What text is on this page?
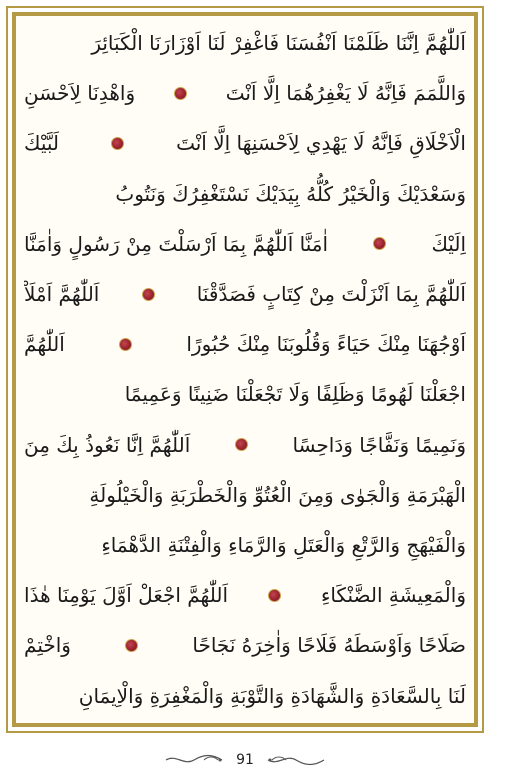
اَللّٰهُمَّ اِنَّنَا ظَلَمْنَا اَنْفُسَنَا فَاغْفِرْ لَنَا اَوْزَارَنَا الْكَبَائِرَ
وَاللَّمَمَ فَاِنَّهُ لَا يَغْفِرُهُمَا اِلَّا اَنْتَ
وَاهْدِنَا لِاَحْسَنِ
الْاَخْلَاقِ فَاِنَّهُ لَا يَهْدِي لِاَحْسَنِهَا اِلَّا اَنْتَ
لَبَّيْكَ
وَسَعْدَيْكَ وَالْخَيْرُ كُلُّهُ بِيَدَيْكَ نَسْتَغْفِرُكَ وَنَتُوبُ
اِلَيْكَ
اٰمَنَّا اَللّٰهُمَّ بِمَا اَرْسَلْتَ مِنْ رَسُولٍ وَاٰمَنَّا
اَللّٰهُمَّ بِمَا اَنْزَلْتَ مِنْ كِتَابٍ فَصَدَّقْنَا
اَللّٰهُمَّ اَمْلَاْ
اَوْجُهَنَا مِنْكَ حَيَاءً وَقُلُوبَنَا مِنْكَ حُبُورًا
اَللّٰهُمَّ
اجْعَلْنَا لَهُومًا وَظَلِفًا وَلَا تَجْعَلْنَا ضَنِينًا وَعَمِيمًا
وَنَمِيمًا وَنَفَّاجًا وَدَاحِسًا
اَللّٰهُمَّ اِنَّا نَعُوذُ بِكَ مِنَ
الْهَبْرَمَةِ وَالْجَوٰى وَمِنَ الْعُتُوِّ وَالْخَطْرَبَةِ وَالْخَيْلُولَةِ
وَالْفَيْهَجِ وَالرَّتْعِ وَالْعَتَلِ وَالرَّمَاءِ وَالْفِتْنَةِ الدَّهْمَاءِ
وَالْمَعِيشَةِ الضَّنْكَاءِ
اَللّٰهُمَّ اجْعَلْ اَوَّلَ يَوْمِنَا هٰذَا
صَلَاحًا وَاَوْسَطَهُ فَلَاحًا وَاٰخِرَهُ نَجَاحًا
وَاخْتِمْ
لَنَا بِالسَّعَادَةِ وَالشَّهَادَةِ وَالتَّوْبَةِ وَالْمَغْفِرَةِ وَالْاِيمَانِ
91
